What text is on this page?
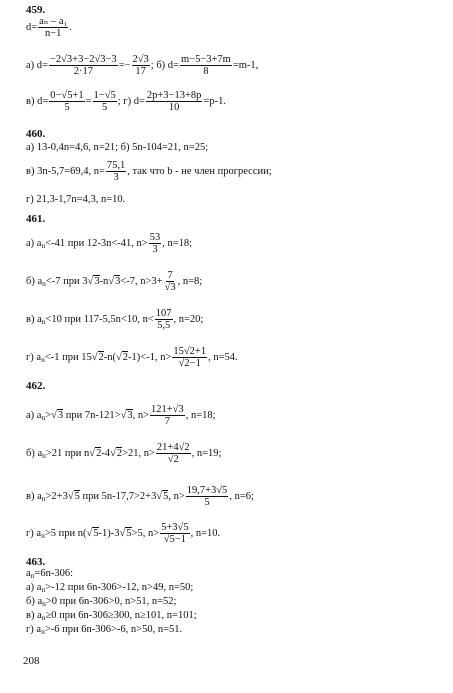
459.
$d= \frac{\text{aₙ – a₁}}{n-1}$ .
а) $d= \frac{-2√3+3-2√3-3}{2\cdot 17} =- \frac{2√3}{17}$ ; б) $d= \frac{m-5-3+7m}{8} =m-1$,
в) $d= \frac{0-√5+1}{5} = \frac{1-√5}{5}$ ; г) $d= \frac{2p+3-13+8p}{10} =p-1$.
460.
а) 13-0,4n=4,6, n=21; б) 5n-104=21, n=25;
в) 3n-5,7=69,4, $n= \frac{75,1}{3}$ , так что b - не член прогрессии;
г) 21,3-1,7n=4,3, n=10.
461.
а) $a_n<-41$ при 12-3n<-41, $n> \frac{53}{3}$ , n=18;
б) $a_n<-7$ при 3√3-n√3<-7, $n>3+ \frac{7}{√3}$ , n=8;
в) $a_n<10$ при 117-5,5n<10, $n< \frac{107}{5,5}$ , n=20;
г) $a_n<-1$ при 15√2-n(√2-1)<-1, $n> \frac{15√2+1}{√2-1}$ , n=54.
462.
а) $a_n>√3$ при 7n-121>√3, $n> \frac{121+√3}{7}$ , n=18;
б) $a_n>21$ при n√2-4√2>21, $n> \frac{21+4√2}{√2}$ , n=19;
в) $a_n>2+3√5$ при 5n-17,7>2+3√5, $n> \frac{19,7+3√5}{5}$ , n=6;
г) $a_n>5$ при n(√5-1)-3√5>5, $n> \frac{5+3√5}{√5-1}$ , n=10.
463.
$a_n=6n-306$:
а) $a_n>-12$ при 6n-306>-12, n>49, n=50;
б) $a_n>0$ при 6n-306>0, n>51, n=52;
в) $a_n\ge 0$ при 6n-306≥300, n≥101, n=101;
г) $a_n>-6$ при 6n-306>-6, n>50, n=51.
208
